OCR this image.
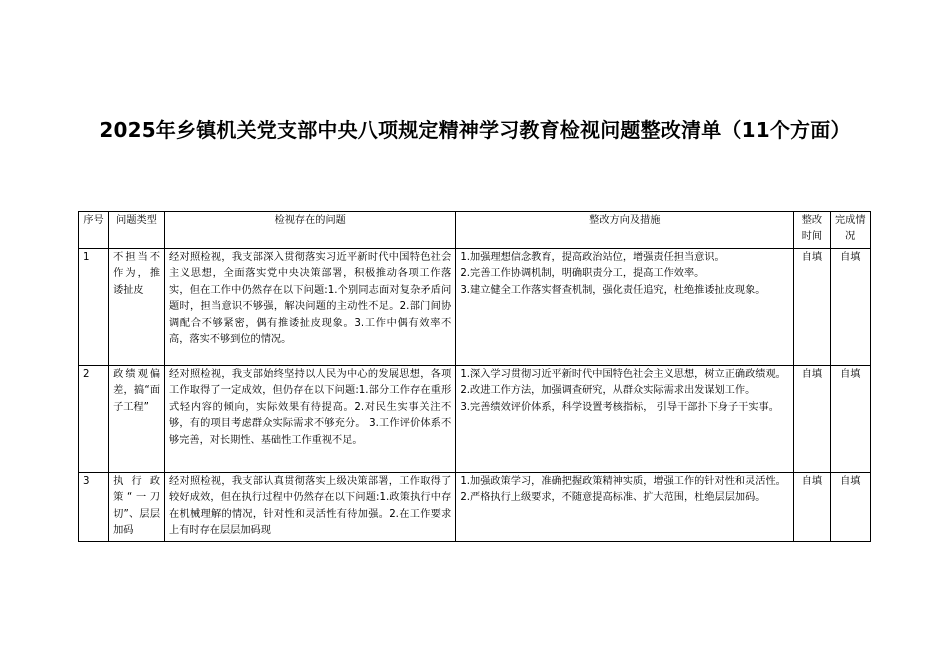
2025年乡镇机关党支部中央八项规定精神学习教育检视问题整改清单（11个方面）
序号	问题类型	检视存在的问题	整改方向及措施	整改时间	完成情况
1	不担当不作为，推诿扯皮	经对照检视，我支部深入贯彻落实习近平新时代中国特色社会主义思想，全面落实党中央决策部署，积极推动各项工作落实，但在工作中仍然存在以下问题:1.个别同志面对复杂矛盾问题时，担当意识不够强，解决问题的主动性不足。2.部门间协调配合不够紧密，偶有推诿扯皮现象。3.工作中偶有效率不高，落实不够到位的情况。	1.加强理想信念教育，提高政治站位，增强责任担当意识。
2.完善工作协调机制，明确职责分工，提高工作效率。
3.建立健全工作落实督查机制，强化责任追究，杜绝推诿扯皮现象。	自填	自填
2	政绩观偏差，搞“面子工程”	经对照检视，我支部始终坚持以人民为中心的发展思想，各项工作取得了一定成效，但仍存在以下问题:1.部分工作存在重形式轻内容的倾向，实际效果有待提高。2.对民生实事关注不够，有的项目考虑群众实际需求不够充分。 3.工作评价体系不够完善，对长期性、基础性工作重视不足。	1.深入学习贯彻习近平新时代中国特色社会主义思想，树立正确政绩观。
2.改进工作方法，加强调查研究，从群众实际需求出发谋划工作。
3.完善绩效评价体系，科学设置考核指标， 引导干部扑下身子干实事。	自填	自填
3	执行政策“一刀切”、层层加码	经对照检视，我支部认真贯彻落实上级决策部署，工作取得了较好成效，但在执行过程中仍然存在以下问题:1.政策执行中存在机械理解的情况，针对性和灵活性有待加强。2.在工作要求上有时存在层层加码现	1.加强政策学习，准确把握政策精神实质，增强工作的针对性和灵活性。
2.严格执行上级要求，不随意提高标准、扩大范围，杜绝层层加码。	自填	自填
